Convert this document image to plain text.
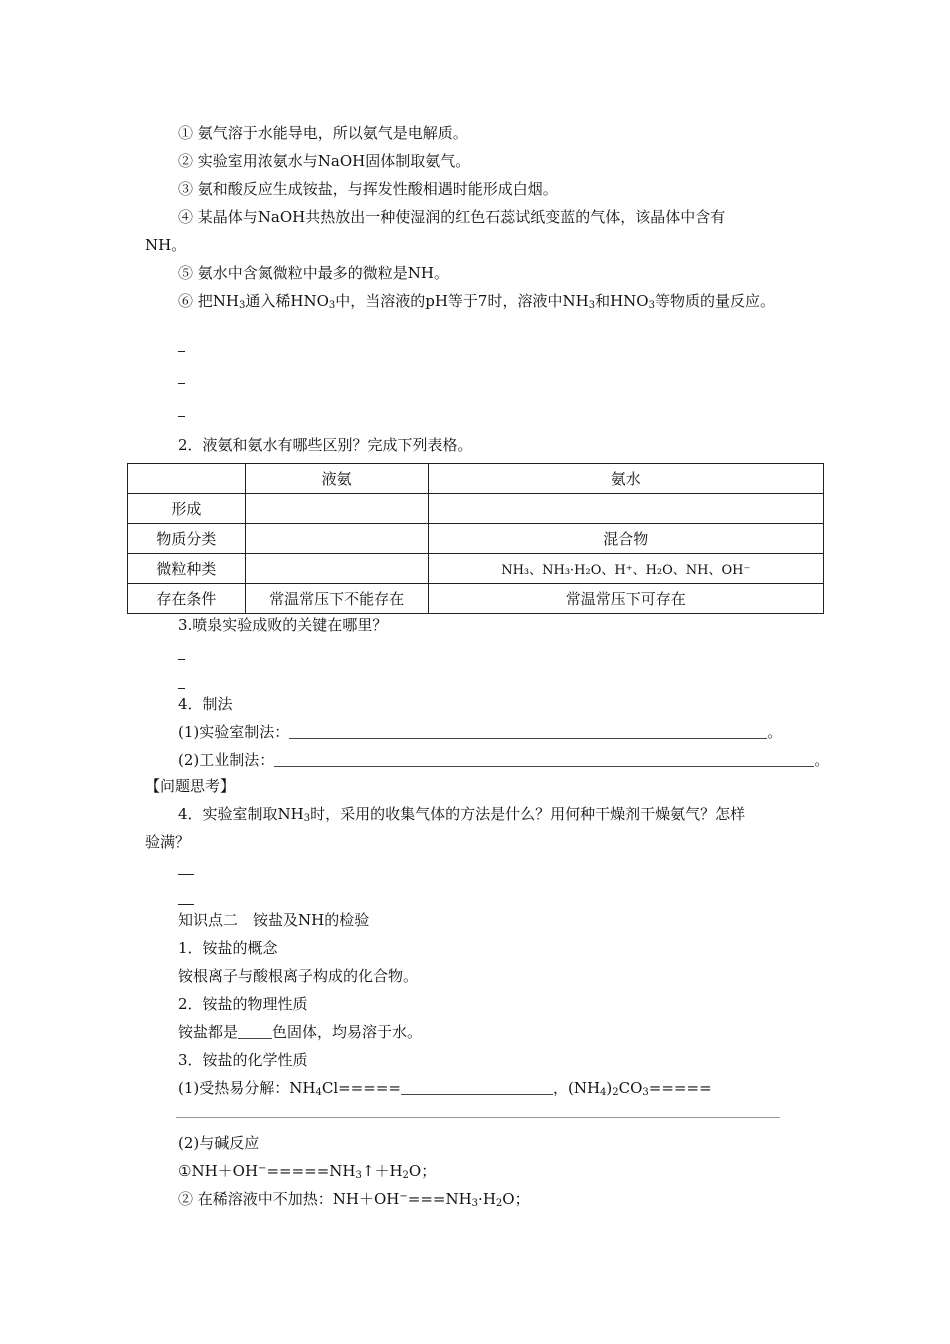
① 氨气溶于水能导电，所以氨气是电解质。
② 实验室用浓氨水与NaOH固体制取氨气。
③ 氨和酸反应生成铵盐，与挥发性酸相遇时能形成白烟。
④ 某晶体与NaOH共热放出一种使湿润的红色石蕊试纸变蓝的气体，该晶体中含有
NH。
⑤ 氨水中含氮微粒中最多的微粒是NH。
⑥ 把$NH_3$通入稀$HNO_3$中，当溶液的pH等于7时，溶液中$NH_3$和$HNO_3$等物质的量反应。
2．液氨和氨水有哪些区别？完成下列表格。
	液氨	氨水
形成		
物质分类		混合物
微粒种类		NH₃、NH₃·H₂O、H⁺、H₂O、NH、OH⁻
存在条件	常温常压下不能存在	常温常压下可存在
3.喷泉实验成败的关键在哪里？
4．制法
(1)实验室制法：	。
(2)工业制法：	。
【问题思考】
4．实验室制取$NH_3$时，采用的收集气体的方法是什么？用何种干燥剂干燥氨气？怎样
验满？
知识点二　铵盐及NH的检验
1．铵盐的概念
铵根离子与酸根离子构成的化合物。
2．铵盐的物理性质
铵盐都是 色固体，均易溶于水。
3．铵盐的化学性质
(1)受热易分解：$NH_4Cl=====$	，$(NH_4)_2CO_3=====$
(2)与碱反应
$①NH+OH^-=====NH_3↑+H_2O$；
② 在稀溶液中不加热：$NH+OH^-===NH_3\cdot H_2O$；
